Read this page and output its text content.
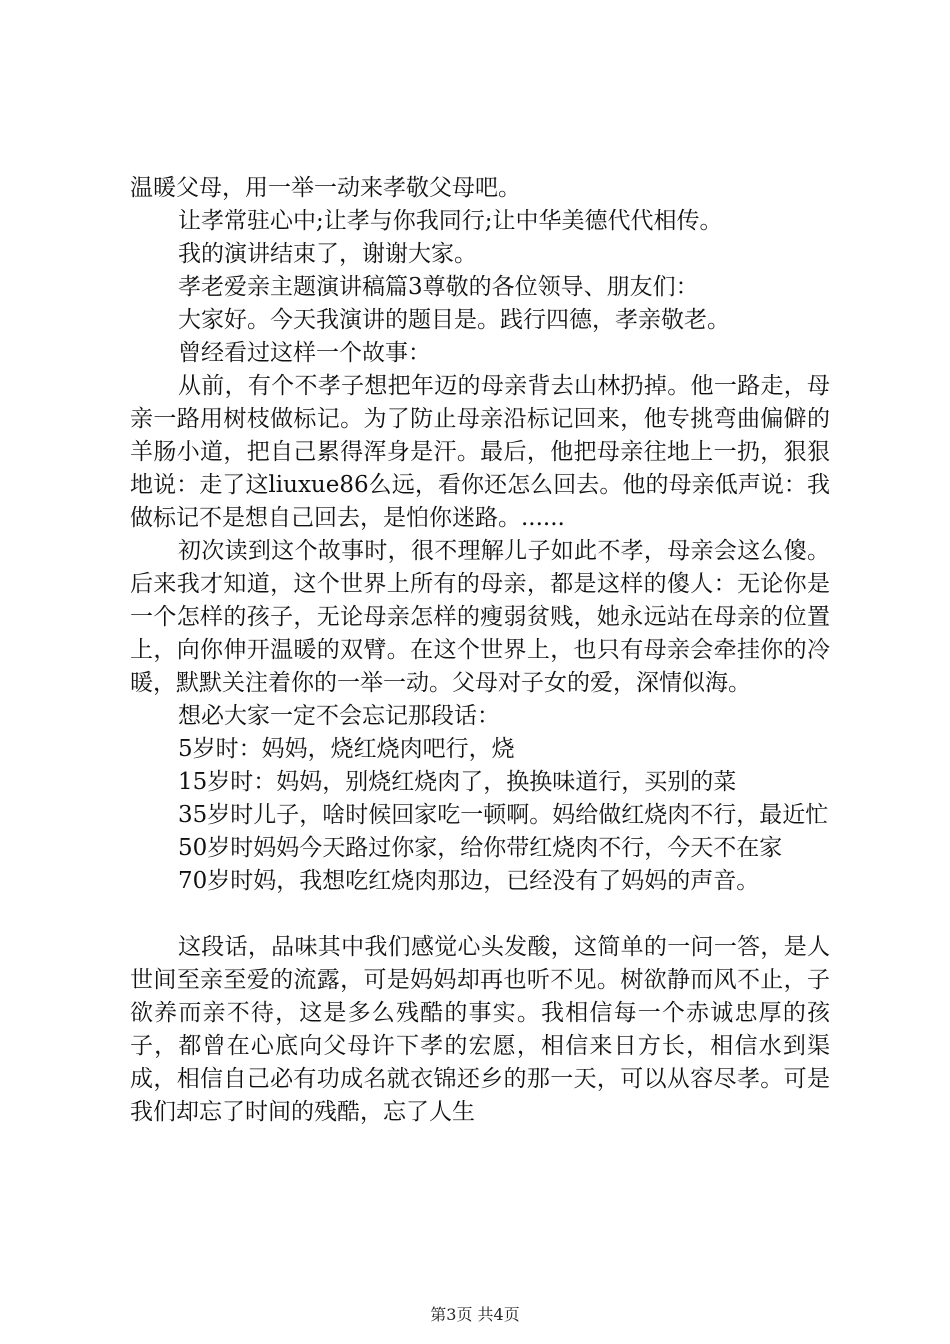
温暖父母，用一举一动来孝敬父母吧。

让孝常驻心中;让孝与你我同行;让中华美德代代相传。

我的演讲结束了，谢谢大家。

孝老爱亲主题演讲稿篇3尊敬的各位领导、朋友们：

大家好。今天我演讲的题目是。践行四德，孝亲敬老。

曾经看过这样一个故事：

从前，有个不孝子想把年迈的母亲背去山林扔掉。他一路走，母亲一路用树枝做标记。为了防止母亲沿标记回来，他专挑弯曲偏僻的羊肠小道，把自己累得浑身是汗。最后，他把母亲往地上一扔，狠狠地说：走了这liuxue86么远，看你还怎么回去。他的母亲低声说：我做标记不是想自己回去，是怕你迷路。......

初次读到这个故事时，很不理解儿子如此不孝，母亲会这么傻。后来我才知道，这个世界上所有的母亲，都是这样的傻人：无论你是一个怎样的孩子，无论母亲怎样的瘦弱贫贱，她永远站在母亲的位置上，向你伸开温暖的双臂。在这个世界上，也只有母亲会牵挂你的冷暖，默默关注着你的一举一动。父母对子女的爱，深情似海。

想必大家一定不会忘记那段话：

5岁时：妈妈，烧红烧肉吧行，烧

15岁时：妈妈，别烧红烧肉了，换换味道行，买别的菜

35岁时儿子，啥时候回家吃一顿啊。妈给做红烧肉不行，最近忙

50岁时妈妈今天路过你家，给你带红烧肉不行，今天不在家

70岁时妈，我想吃红烧肉那边，已经没有了妈妈的声音。

这段话，品味其中我们感觉心头发酸，这简单的一问一答，是人世间至亲至爱的流露，可是妈妈却再也听不见。树欲静而风不止，子欲养而亲不待，这是多么残酷的事实。我相信每一个赤诚忠厚的孩子，都曾在心底向父母许下孝的宏愿，相信来日方长，相信水到渠成，相信自己必有功成名就衣锦还乡的那一天，可以从容尽孝。可是我们却忘了时间的残酷，忘了人生

第3页 共4页
